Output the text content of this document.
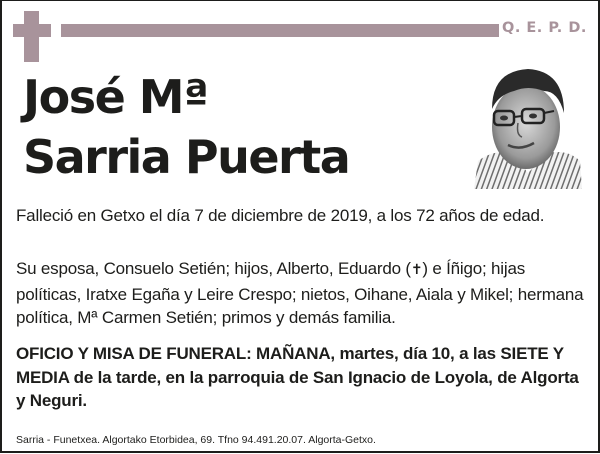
Q. E. P. D.
José Mª
Sarria Puerta
Falleció en Getxo el día 7 de diciembre de 2019, a los 72 años de edad.
Su esposa, Consuelo Setién; hijos, Alberto, Eduardo (✝) e Íñigo; hijas políticas, Iratxe Egaña y Leire Crespo; nietos, Oihane, Aiala y Mikel; hermana política, Mª Carmen Setién; primos y demás familia.
OFICIO Y MISA DE FUNERAL: MAÑANA, martes, día 10, a las SIETE Y MEDIA de la tarde, en la parroquia de San Ignacio de Loyola, de Algorta y Neguri.
Sarria - Funetxea. Algortako Etorbidea, 69. Tfno 94.491.20.07. Algorta-Getxo.
